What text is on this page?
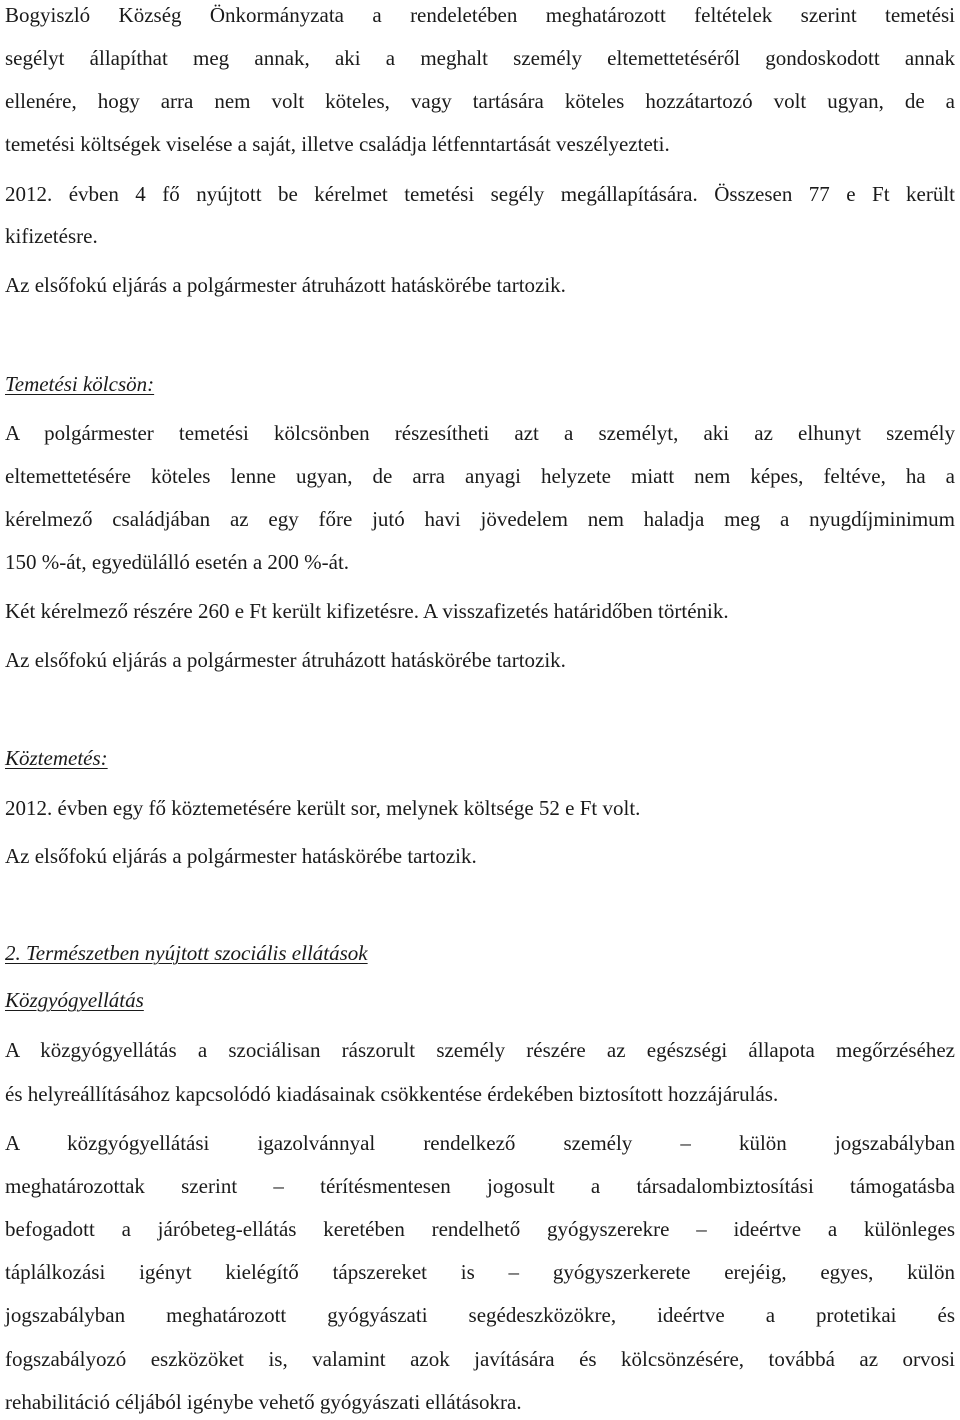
Bogyiszló Község Önkormányzata a rendeletében meghatározott feltételek szerint temetési
segélyt állapíthat meg annak, aki a meghalt személy eltemettetéséről gondoskodott annak
ellenére, hogy arra nem volt köteles, vagy tartására köteles hozzátartozó volt ugyan, de a
temetési költségek viselése a saját, illetve családja létfenntartását veszélyezteti.
2012. évben 4 fő nyújtott be kérelmet temetési segély megállapítására. Összesen 77 e Ft került
kifizetésre.
Az elsőfokú eljárás a polgármester átruházott hatáskörébe tartozik.
Temetési kölcsön:
A polgármester temetési kölcsönben részesítheti azt a személyt, aki az elhunyt személy
eltemettetésére köteles lenne ugyan, de arra anyagi helyzete miatt nem képes, feltéve, ha a
kérelmező családjában az egy főre jutó havi jövedelem nem haladja meg a nyugdíjminimum
150 %-át, egyedülálló esetén a 200 %-át.
Két kérelmező részére 260 e Ft került kifizetésre. A visszafizetés határidőben történik.
Az elsőfokú eljárás a polgármester átruházott hatáskörébe tartozik.
Köztemetés:
2012. évben egy fő köztemetésére került sor, melynek költsége 52 e Ft volt.
Az elsőfokú eljárás a polgármester hatáskörébe tartozik.
2. Természetben nyújtott szociális ellátások
Közgyógyellátás
A közgyógyellátás a szociálisan rászorult személy részére az egészségi állapota megőrzéséhez
és helyreállításához kapcsolódó kiadásainak csökkentése érdekében biztosított hozzájárulás.
A közgyógyellátási igazolvánnyal rendelkező személy – külön jogszabályban
meghatározottak szerint – térítésmentesen jogosult a társadalombiztosítási támogatásba
befogadott a járóbeteg-ellátás keretében rendelhető gyógyszerekre – ideértve a különleges
táplálkozási igényt kielégítő tápszereket is – gyógyszerkerete erejéig, egyes, külön
jogszabályban meghatározott gyógyászati segédeszközökre, ideértve a protetikai és
fogszabályozó eszközöket is, valamint azok javítására és kölcsönzésére, továbbá az orvosi
rehabilitáció céljából igénybe vehető gyógyászati ellátásokra.
